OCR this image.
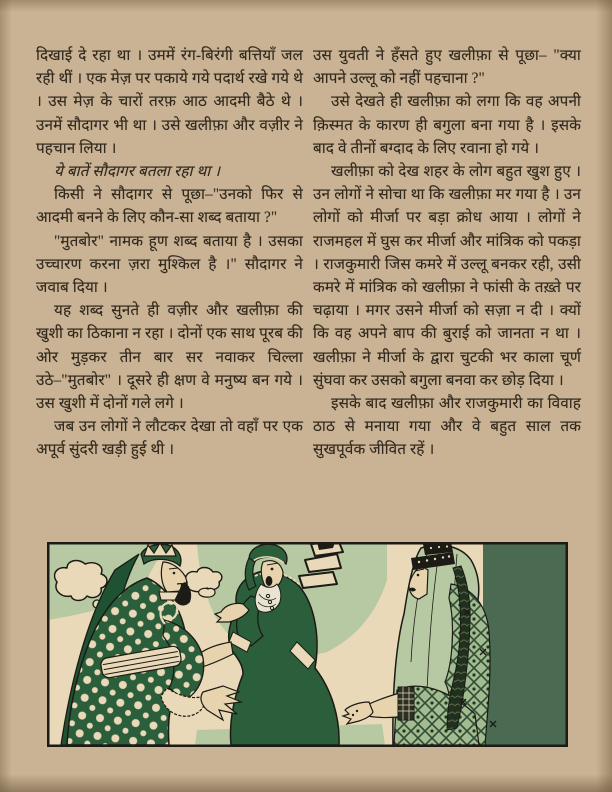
दिखाई दे रहा था । उममें रंग-बिरंगी बत्तियाँ जल रही थीं । एक मेज़ पर पकाये गये पदार्थ रखे गये थे । उस मेज़ के चारों तरफ़ आठ आदमी बैठे थे । उनमें सौदागर भी था । उसे खलीफ़ा और वज़ीर ने पहचान लिया ।

ये बातें सौदागर बतला रहा था ।

किसी ने सौदागर से पूछा–"उनको फिर से आदमी बनने के लिए कौन-सा शब्द बताया ?"

"मुतबोर" नामक हूण शब्द बताया है । उसका उच्चारण करना ज़रा मुश्किल है ।" सौदागर ने जवाब दिया ।

यह शब्द सुनते ही वज़ीर और खलीफ़ा की खुशी का ठिकाना न रहा । दोनों एक साथ पूरब की ओर मुड़कर तीन बार सर नवाकर चिल्ला उठे–"मुतबोर" । दूसरे ही क्षण वे मनुष्य बन गये । उस खुशी में दोनों गले लगे ।

जब उन लोगों ने लौटकर देखा तो वहाँ पर एक अपूर्व सुंदरी खड़ी हुई थी ।

उस युवती ने हँसते हुए खलीफ़ा से पूछा– "क्या आपने उल्लू को नहीं पहचाना ?"

उसे देखते ही खलीफ़ा को लगा कि वह अपनी क़िस्मत के कारण ही बगुला बना गया है । इसके बाद वे तीनों बग्दाद के लिए रवाना हो गये ।

खलीफ़ा को देख शहर के लोग बहुत खुश हुए । उन लोगों ने सोचा था कि खलीफ़ा मर गया है । उन लोगों को मीर्जा पर बड़ा क्रोध आया । लोगों ने राजमहल में घुस कर मीर्जा और मांत्रिक को पकड़ा । राजकुमारी जिस कमरे में उल्लू बनकर रही, उसी कमरे में मांत्रिक को खलीफ़ा ने फांसी के तख़्ते पर चढ़ाया । मगर उसने मीर्जा को सज़ा न दी । क्यों कि वह अपने बाप की बुराई को जानता न था । खलीफ़ा ने मीर्जा के द्वारा चुटकी भर काला चूर्ण सुंघवा कर उसको बगुला बनवा कर छोड़ दिया ।

इसके बाद खलीफ़ा और राजकुमारी का विवाह ठाठ से मनाया गया और वे बहुत साल तक सुखपूर्वक जीवित रहें ।
